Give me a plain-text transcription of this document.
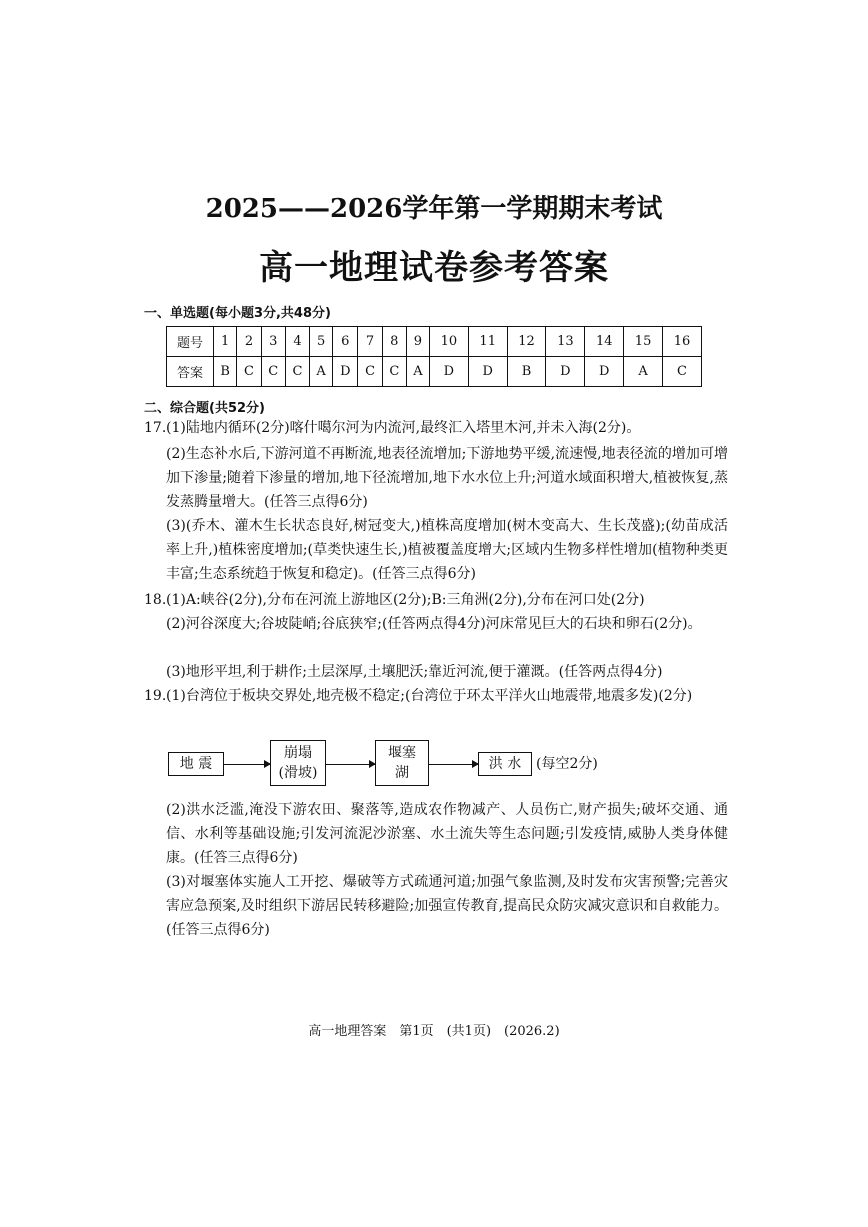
2025——2026学年第一学期期末考试
高一地理试卷参考答案
一、单选题(每小题3分,共48分)
题号	1	2	3	4	5	6	7	8	9	10	11	12	13	14	15	16
答案	B	C	C	C	A	D	C	C	A	D	D	B	D	D	A	C
二、综合题(共52分)
17. (1)陆地内循环(2分)喀什噶尔河为内流河,最终汇入塔里木河,并未入海(2分)。
(2)生态补水后,下游河道不再断流,地表径流增加;下游地势平缓,流速慢,地表径流的增加可增加下渗量;随着下渗量的增加,地下径流增加,地下水水位上升;河道水域面积增大,植被恢复,蒸发蒸腾量增大。(任答三点得6分)
(3)(乔木、灌木生长状态良好,树冠变大,)植株高度增加(树木变高大、生长茂盛);(幼苗成活率上升,)植株密度增加;(草类快速生长,)植被覆盖度增大;区域内生物多样性增加(植物种类更丰富;生态系统趋于恢复和稳定)。(任答三点得6分)
18. (1)A:峡谷(2分),分布在河流上游地区(2分);B:三角洲(2分),分布在河口处(2分)
(2)河谷深度大;谷坡陡峭;谷底狭窄;(任答两点得4分)河床常见巨大的石块和卵石(2分)。
(3)地形平坦,利于耕作;土层深厚,土壤肥沃;靠近河流,便于灌溉。(任答两点得4分)
19. (1)台湾位于板块交界处,地壳极不稳定;(台湾位于环太平洋火山地震带,地震多发)(2分)
地 震
崩塌
(滑坡)
堰塞
湖
洪 水	(每空2分)
(2)洪水泛滥,淹没下游农田、聚落等,造成农作物减产、人员伤亡,财产损失;破坏交通、通信、水利等基础设施;引发河流泥沙淤塞、水土流失等生态问题;引发疫情,威胁人类身体健康。(任答三点得6分)
(3)对堰塞体实施人工开挖、爆破等方式疏通河道;加强气象监测,及时发布灾害预警;完善灾害应急预案,及时组织下游居民转移避险;加强宣传教育,提高民众防灾减灾意识和自救能力。(任答三点得6分)
高一地理答案　第1页　(共1页)　(2026.2)
